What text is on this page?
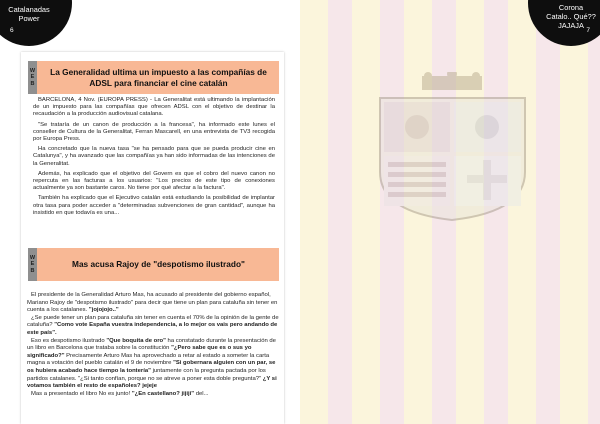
Catalanadas
Power
6
W
E
B
La Generalidad ultima un impuesto a las compañías de ADSL para financiar el cine catalán

BARCELONA, 4 Nov. (EUROPA PRESS) - La Generalitat está ultimando la implantación de un impuesto para las compañías que ofrecen ADSL con el objetivo de destinar la recaudación a la producción audiovisual catalana.

"Se trataría de un canon de producción a la francesa", ha informado este lunes el conseller de Cultura de la Generalitat, Ferran Mascarell, en una entrevista de TV3 recogida por Europa Press.

Ha concretado que la nueva tasa "se ha pensado para que se pueda producir cine en Catalunya", y ha avanzado que las compañías ya han sido informadas de las intenciones de la Generalitat.

Además, ha explicado que el objetivo del Govern es que el cobro del nuevo canon no repercuta en las facturas a los usuarios: "Los precios de este tipo de conexiones actualmente ya son bastante caros. No tiene por qué afectar a la factura".

También ha explicado que el Ejecutivo catalán está estudiando la posibilidad de implantar otra tasa para poder acceder a "determinadas subvenciones de gran cantidad", aunque ha insistido en que todavía es una...

W
E
B
Mas acusa Rajoy de "despotismo ilustrado"

El presidente de la Generalidad Arturo Mas, ha acusado al presidente del gobierno español, Mariano Rajoy de "despotismo ilustrado" para decir que tiene un plan para cataluña sin tener en cuenta a los catalanes. "jojojojo.."

¿Se puede tener un plan para cataluña sin tener en cuenta el 70% de la opinión de la gente de cataluña? "Como vote España vuestra independencia, a lo mejor os vais pero andando de este país".

Eso es despotismo ilustrado "Que boquita de oro" ha constatado durante la presentación de un libro en Barcelona que trataba sobre la constitución "¿Pero sabe que es o sus yo significado?" Precisamente Arturo Mas ha aprovechado a retar al estado a someter la carta magna a votación del pueblo catalán el 9 de noviembre "Si gobernara alguien con un par, se os hubiera acabado hace tiempo la tontería" juntamente con la pregunta pactada por los partidos catalanes. "¿Si tanto confían, porque no se atreve a poner esta doble pregunta?" ¿Y si votamos también el resto de españoles? jejeje

Mas a presentado el libro No es junto! "¿En castellano? jijiji" del...

Corona
Catalo.. Qué??
JAJAJA
7
